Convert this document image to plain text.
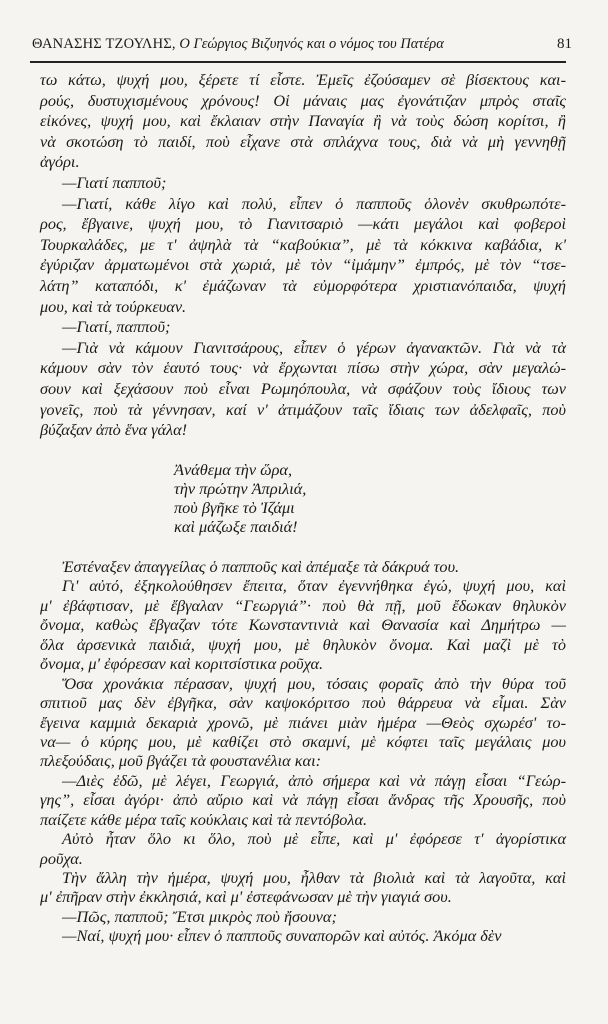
ΘΑΝΑΣΗΣ ΤΖΟΥΛΗΣ, Ο Γεώργιος Βιζυηνός και ο νόμος του Πατέρα	81
τω κάτω, ψυχή μου, ξέρετε τί εἶστε. Ἐμεῖς ἐζούσαμεν σὲ βίσεκτους και-
ρούς, δυστυχισμένους χρόνους! Οἱ μάναις μας ἐγονάτιζαν μπρὸς σταῖς
εἰκόνες, ψυχή μου, καὶ ἔκλαιαν στὴν Παναγία ἢ νὰ τοὺς δώση κορίτσι, ἢ
νὰ σκοτώση τὸ παιδί, ποὺ εἶχανε στὰ σπλάχνα τους, διὰ νὰ μὴ γεννηθῇ
ἀγόρι.
—Γιατί παπποῦ;
—Γιατί, κάθε λίγο καὶ πολύ, εἶπεν ὁ παπποῦς ὁλονὲν σκυθρωπότε-
ρος, ἔβγαινε, ψυχή μου, τὸ Γιανιτσαριὸ —κάτι μεγάλοι καὶ φοβεροὶ
Τουρκαλάδες, με τ' ἀψηλὰ τὰ “καβούκια”, μὲ τὰ κόκκινα καβάδια, κ'
ἐγύριζαν ἀρματωμένοι στὰ χωριά, μὲ τὸν “ἰμάμην” ἐμπρός, μὲ τὸν “τσε-
λάτη” καταπόδι, κ' ἐμάζωναν τὰ εὐμορφότερα χριστιανόπαιδα, ψυχή
μου, καὶ τὰ τούρκευαν.
—Γιατί, παπποῦ;
—Γιὰ νὰ κάμουν Γιανιτσάρους, εἶπεν ὁ γέρων ἀγανακτῶν. Γιὰ νὰ τὰ
κάμουν σὰν τὸν ἑαυτό τους· νὰ ἔρχωνται πίσω στὴν χώρα, σὰν μεγαλώ-
σουν καὶ ξεχάσουν ποὺ εἶναι Ρωμηόπουλα, νὰ σφάζουν τοὺς ἴδιους των
γονεῖς, ποὺ τὰ γέννησαν, καί ν' ἀτιμάζουν ταῖς ἴδιαις των ἀδελφαῖς, ποὺ
βύζαξαν ἀπὸ ἕνα γάλα!
Ἀνάθεμα τὴν ὥρα,
τὴν πρώτην Ἀπριλιά,
ποὺ βγῆκε τὸ Ἰζάμι
καὶ μάζωξε παιδιά!
Ἐστέναξεν ἀπαγγείλας ὁ παπποῦς καὶ ἀπέμαξε τὰ δάκρυά του.
Γι' αὐτό, ἐξηκολούθησεν ἔπειτα, ὅταν ἐγεννήθηκα ἐγώ, ψυχή μου, καὶ
μ' ἐβάφτισαν, μὲ ἔβγαλαν “Γεωργιά”· ποὺ θὰ πῇ, μοῦ ἔδωκαν θηλυκὸν
ὄνομα, καθὼς ἔβγαζαν τότε Κωνσταντινιὰ καὶ Θανασία καὶ Δημήτρω —
ὅλα ἀρσενικὰ παιδιά, ψυχή μου, μὲ θηλυκὸν ὄνομα. Καὶ μαζὶ μὲ τὸ
ὄνομα, μ' ἐφόρεσαν καὶ κοριτσίστικα ροῦχα.
Ὅσα χρονάκια πέρασαν, ψυχή μου, τόσαις φοραῖς ἀπὸ τὴν θύρα τοῦ
σπιτιοῦ μας δὲν ἐβγῆκα, σὰν καψοκόριτσο ποὺ θάρρευα νὰ εἶμαι. Σὰν
ἔγεινα καμμιὰ δεκαριὰ χρονῶ, μὲ πιάνει μιὰν ἡμέρα —Θεὸς σχωρέσ' το-
να— ὁ κύρης μου, μὲ καθίζει στὸ σκαμνί, μὲ κόφτει ταῖς μεγάλαις μου
πλεξούδαις, μοῦ βγάζει τὰ φουστανέλια και:
—Διὲς ἐδῶ, μὲ λέγει, Γεωργιά, ἀπὸ σήμερα καὶ νὰ πάγῃ εἶσαι “Γεώρ-
γης”, εἶσαι ἀγόρι· ἀπὸ αὔριο καὶ νὰ πάγῃ εἶσαι ἄνδρας τῆς Χρουσῆς, ποὺ
παίζετε κάθε μέρα ταῖς κούκλαις καὶ τὰ πεντόβολα.
Αὐτὸ ἦταν ὅλο κι ὅλο, ποὺ μὲ εἶπε, καὶ μ' ἐφόρεσε τ' ἀγορίστικα
ροῦχα.
Τὴν ἄλλη τὴν ἡμέρα, ψυχή μου, ἦλθαν τὰ βιολιὰ καὶ τὰ λαγοῦτα, καὶ
μ' ἐπῆραν στὴν ἐκκλησιά, καὶ μ' ἐστεφάνωσαν μὲ τὴν γιαγιά σου.
—Πῶς, παπποῦ; Ἔτσι μικρὸς ποὺ ἤσουνα;
—Ναί, ψυχή μου· εἶπεν ὁ παπποῦς συναπορῶν καὶ αὐτός. Ἀκόμα δὲν
